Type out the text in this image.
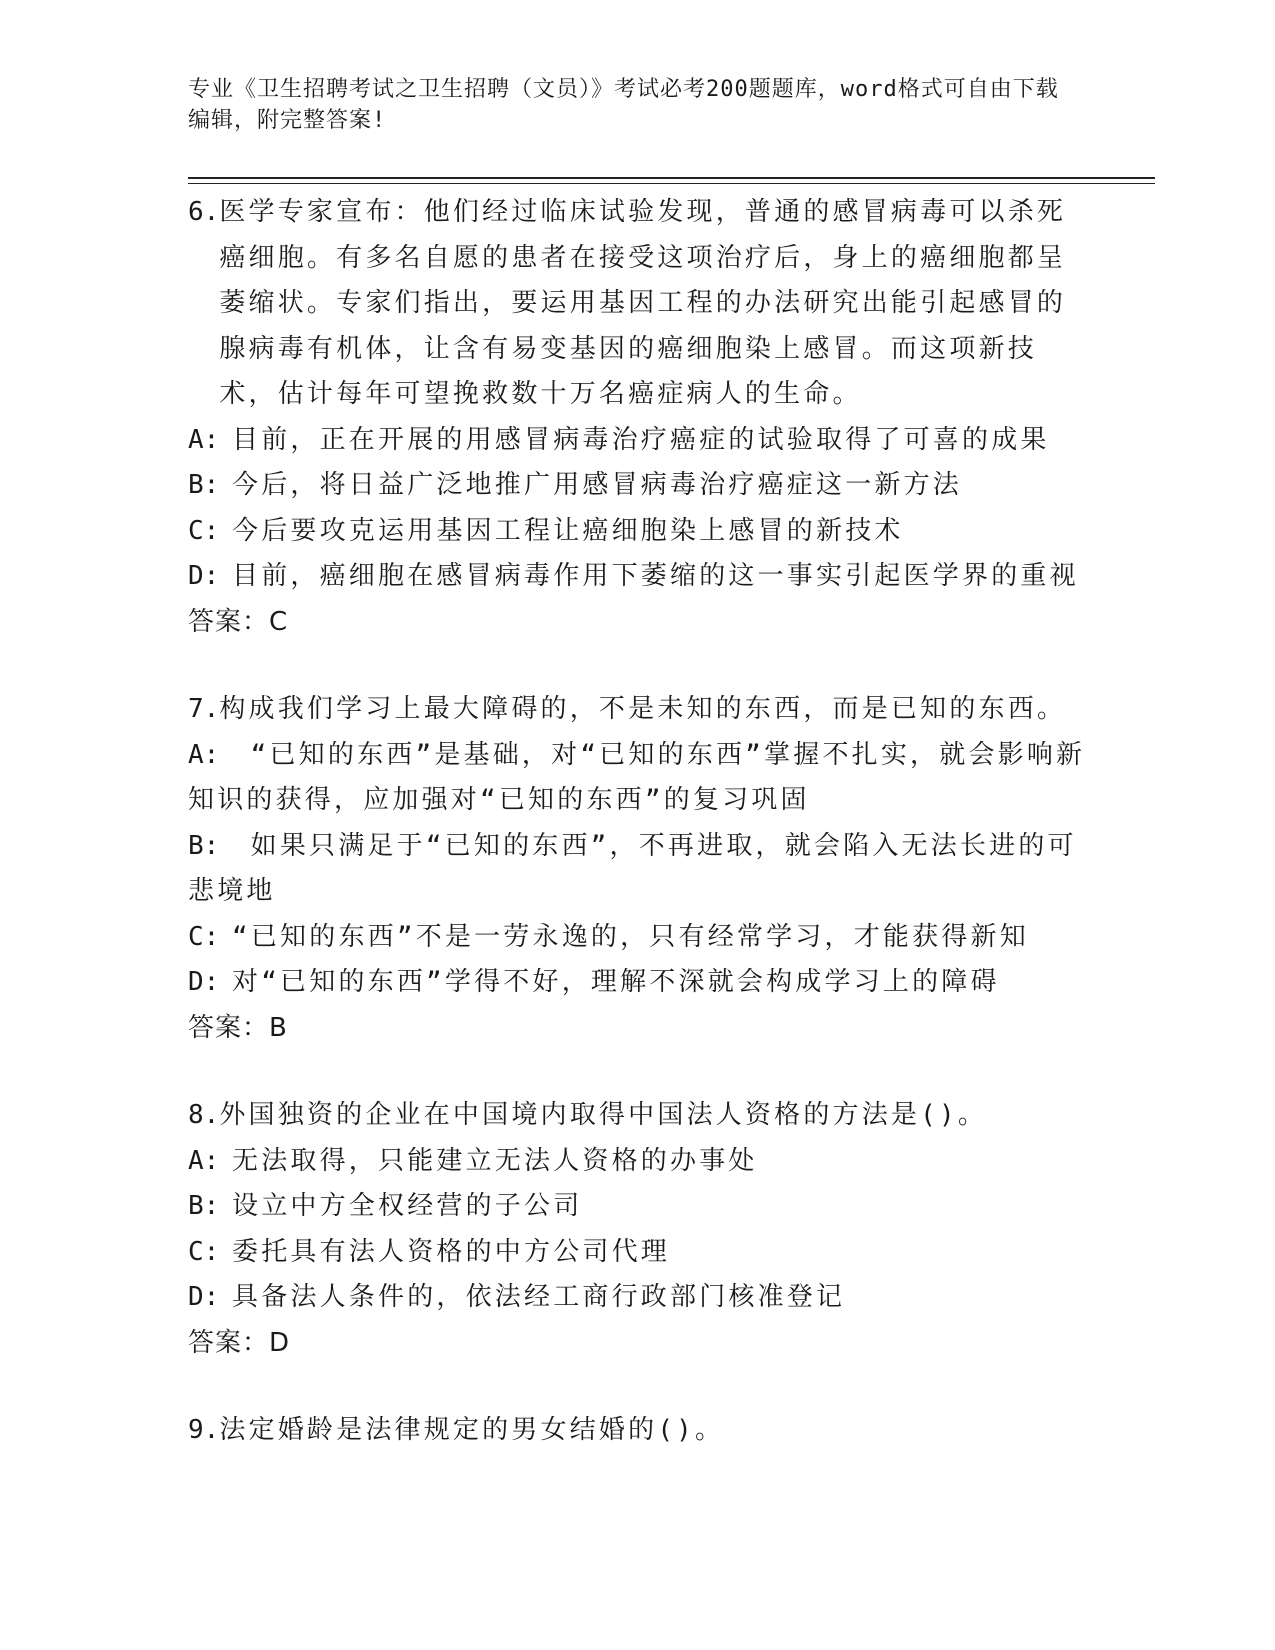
专业《卫生招聘考试之卫生招聘（文员）》考试必考200题题库，word格式可自由下载编辑，附完整答案!

6. 医学专家宣布：他们经过临床试验发现，普通的感冒病毒可以杀死癌细胞。有多名自愿的患者在接受这项治疗后，身上的癌细胞都呈萎缩状。专家们指出，要运用基因工程的办法研究出能引起感冒的腺病毒有机体，让含有易变基因的癌细胞染上感冒。而这项新技术，估计每年可望挽救数十万名癌症病人的生命。
A: 目前，正在开展的用感冒病毒治疗癌症的试验取得了可喜的成果
B: 今后，将日益广泛地推广用感冒病毒治疗癌症这一新方法
C: 今后要攻克运用基因工程让癌细胞染上感冒的新技术
D: 目前，癌细胞在感冒病毒作用下萎缩的这一事实引起医学界的重视

答案：C

7. 构成我们学习上最大障碍的，不是未知的东西，而是已知的东西。
A: “已知的东西”是基础，对“已知的东西”掌握不扎实，就会影响新知识的获得，应加强对“已知的东西”的复习巩固
B: 如果只满足于“已知的东西”，不再进取，就会陷入无法长进的可悲境地
C: “已知的东西”不是一劳永逸的，只有经常学习，才能获得新知
D: 对“已知的东西”学得不好，理解不深就会构成学习上的障碍

答案：B

8. 外国独资的企业在中国境内取得中国法人资格的方法是()。
A: 无法取得，只能建立无法人资格的办事处
B: 设立中方全权经营的子公司
C: 委托具有法人资格的中方公司代理
D: 具备法人条件的，依法经工商行政部门核准登记

答案：D

9. 法定婚龄是法律规定的男女结婚的()。
